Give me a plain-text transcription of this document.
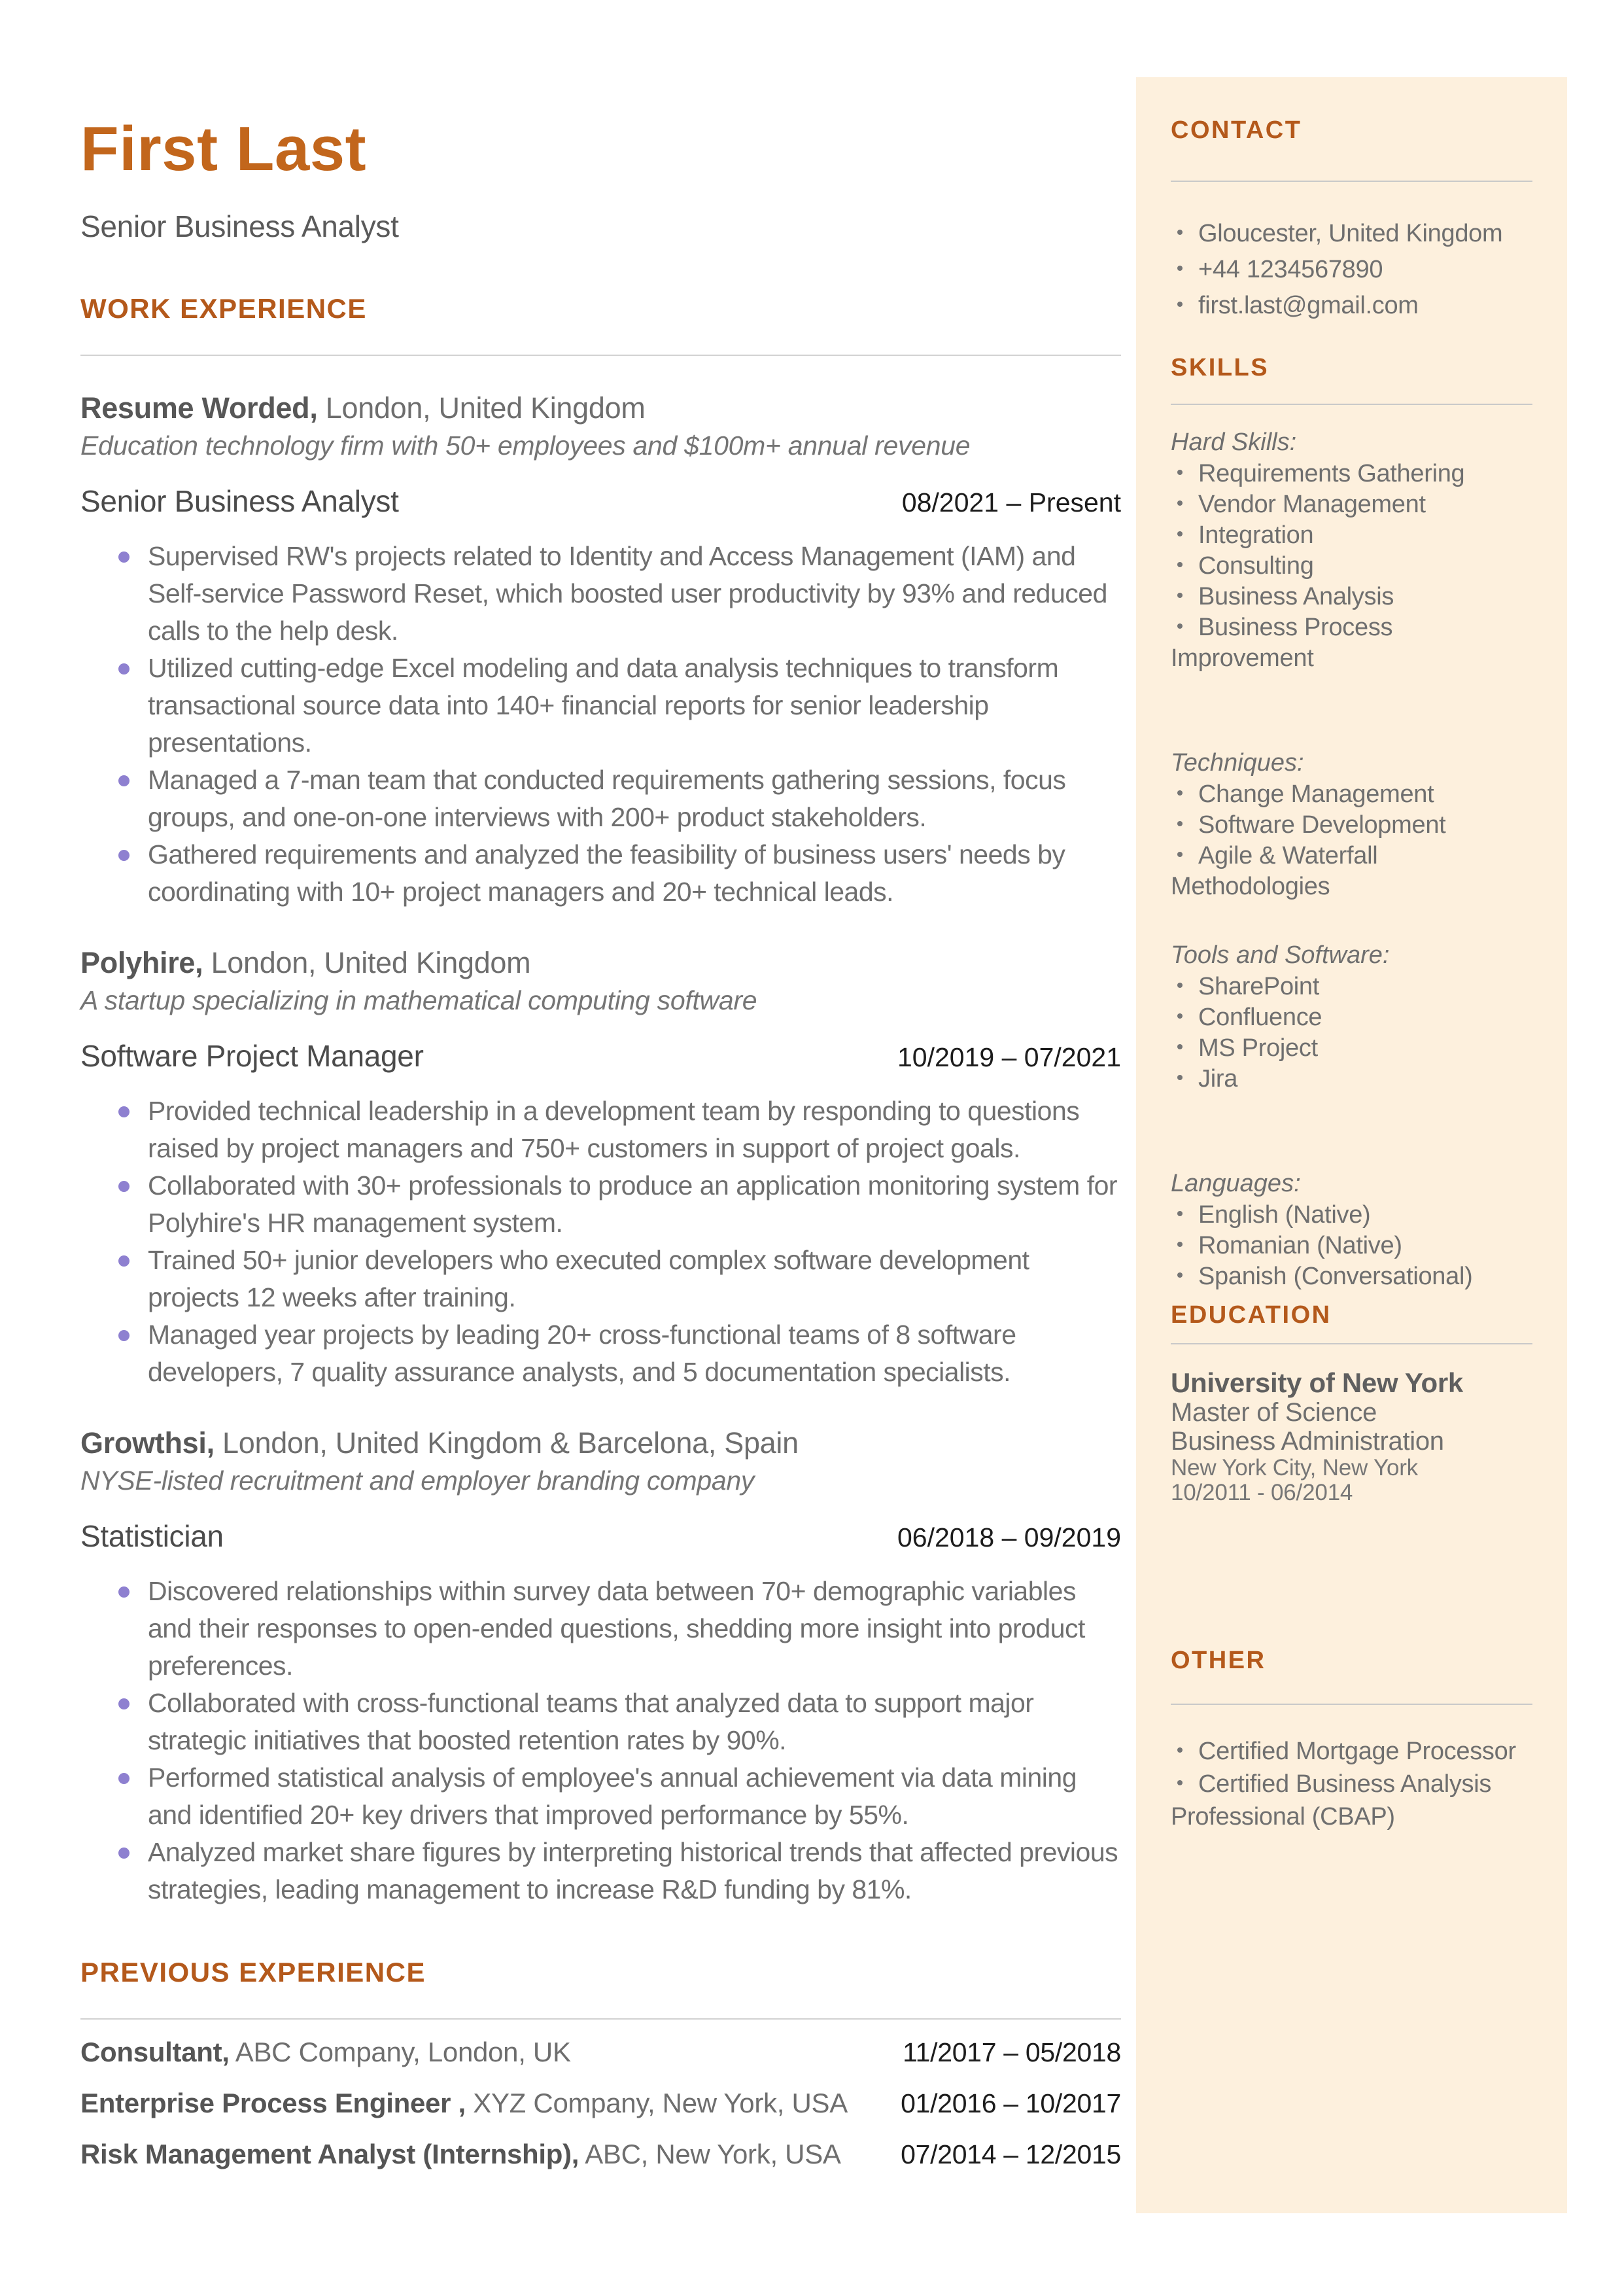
First Last
Senior Business Analyst
WORK EXPERIENCE
Resume Worded, London, United Kingdom
Education technology firm with 50+ employees and $100m+ annual revenue
Senior Business Analyst	08/2021 – Present
Supervised RW's projects related to Identity and Access Management (IAM) and Self-service Password Reset, which boosted user productivity by 93% and reduced calls to the help desk.
Utilized cutting-edge Excel modeling and data analysis techniques to transform transactional source data into 140+ financial reports for senior leadership presentations.
Managed a 7-man team that conducted requirements gathering sessions, focus groups, and one-on-one interviews with 200+ product stakeholders.
Gathered requirements and analyzed the feasibility of business users' needs by coordinating with 10+ project managers and 20+ technical leads.
Polyhire, London, United Kingdom
A startup specializing in mathematical computing software
Software Project Manager	10/2019 – 07/2021
Provided technical leadership in a development team by responding to questions raised by project managers and 750+ customers in support of project goals.
Collaborated with 30+ professionals to produce an application monitoring system for Polyhire's HR management system.
Trained 50+ junior developers who executed complex software development projects 12 weeks after training.
Managed year projects by leading 20+ cross-functional teams of 8 software developers, 7 quality assurance analysts, and 5 documentation specialists.
Growthsi, London, United Kingdom & Barcelona, Spain
NYSE-listed recruitment and employer branding company
Statistician	06/2018 – 09/2019
Discovered relationships within survey data between 70+ demographic variables and their responses to open-ended questions, shedding more insight into product preferences.
Collaborated with cross-functional teams that analyzed data to support major strategic initiatives that boosted retention rates by 90%.
Performed statistical analysis of employee's annual achievement via data mining and identified 20+ key drivers that improved performance by 55%.
Analyzed market share figures by interpreting historical trends that affected previous strategies, leading management to increase R&D funding by 81%.
PREVIOUS EXPERIENCE
Consultant, ABC Company, London, UK	11/2017 – 05/2018
Enterprise Process Engineer , XYZ Company, New York, USA 01/2016 – 10/2017
Risk Management Analyst (Internship), ABC, New York, USA 07/2014 – 12/2015
CONTACT
Gloucester, United Kingdom
+44 1234567890
first.last@gmail.com
SKILLS
Hard Skills:
Requirements Gathering
Vendor Management
Integration
Consulting
Business Analysis
Business Process Improvement
Techniques:
Change Management
Software Development
Agile & Waterfall Methodologies
Tools and Software:
SharePoint
Confluence
MS Project
Jira
Languages:
English (Native)
Romanian (Native)
Spanish (Conversational)
EDUCATION
University of New York
Master of Science
Business Administration
New York City, New York
10/2011 - 06/2014
OTHER
Certified Mortgage Processor
Certified Business Analysis Professional (CBAP)
